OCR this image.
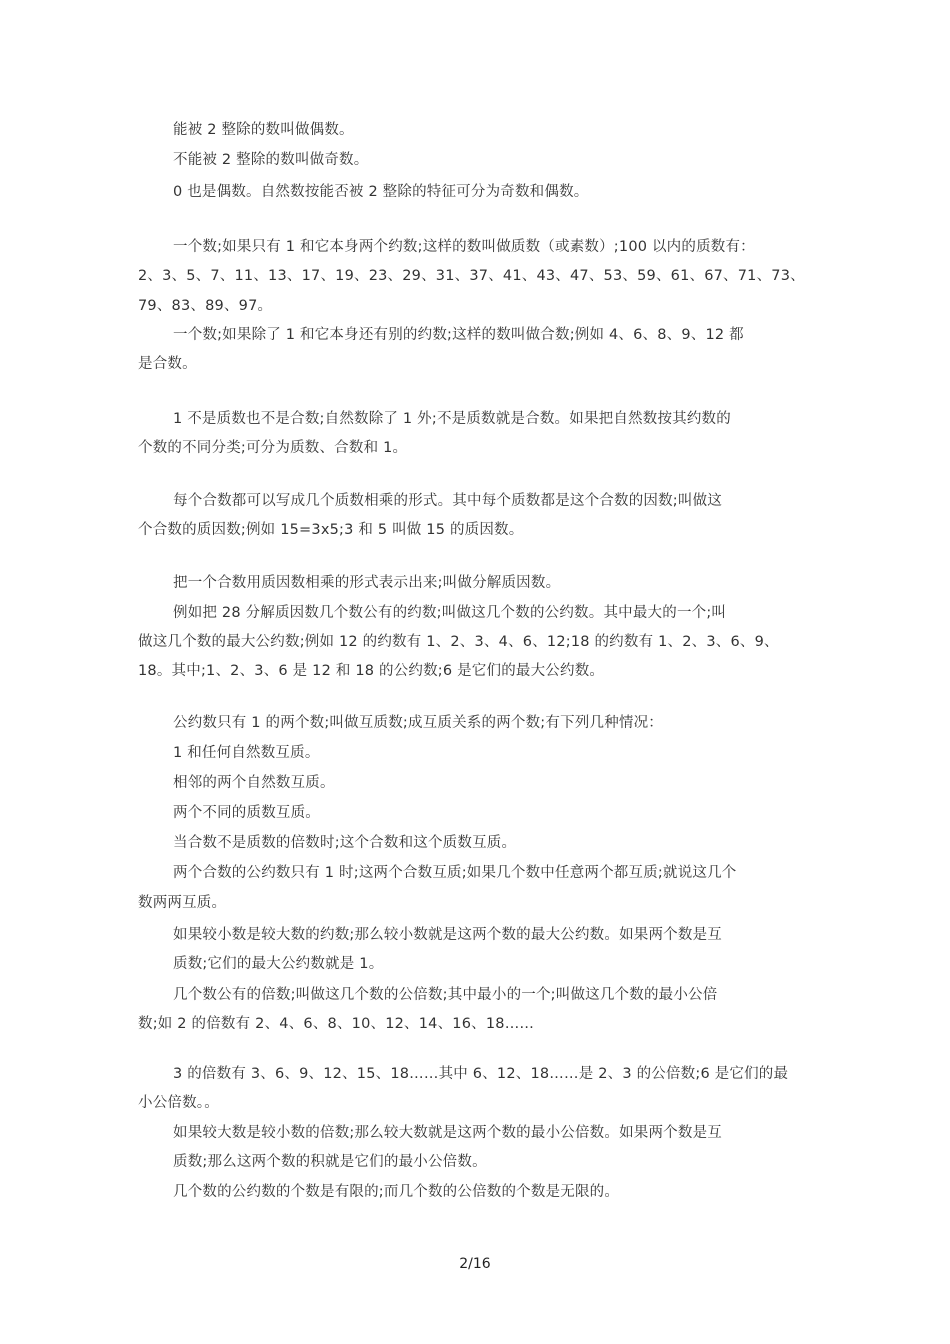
能被 2 整除的数叫做偶数。
不能被 2 整除的数叫做奇数。
0 也是偶数。自然数按能否被 2 整除的特征可分为奇数和偶数。
一个数;如果只有 1 和它本身两个约数;这样的数叫做质数（或素数）;100 以内的质数有：
2、3、5、7、11、13、17、19、23、29、31、37、41、43、47、53、59、61、67、71、73、
79、83、89、97。
一个数;如果除了 1 和它本身还有别的约数;这样的数叫做合数;例如 4、6、8、9、12 都
是合数。
1 不是质数也不是合数;自然数除了 1 外;不是质数就是合数。如果把自然数按其约数的
个数的不同分类;可分为质数、合数和 1。
每个合数都可以写成几个质数相乘的形式。其中每个质数都是这个合数的因数;叫做这
个合数的质因数;例如 15=3x5;3 和 5 叫做 15 的质因数。
把一个合数用质因数相乘的形式表示出来;叫做分解质因数。
例如把 28 分解质因数几个数公有的约数;叫做这几个数的公约数。其中最大的一个;叫
做这几个数的最大公约数;例如 12 的约数有 1、2、3、4、6、12;18 的约数有 1、2、3、6、9、
18。其中;1、2、3、6 是 12 和 18 的公约数;6 是它们的最大公约数。
公约数只有 1 的两个数;叫做互质数;成互质关系的两个数;有下列几种情况：
1 和任何自然数互质。
相邻的两个自然数互质。
两个不同的质数互质。
当合数不是质数的倍数时;这个合数和这个质数互质。
两个合数的公约数只有 1 时;这两个合数互质;如果几个数中任意两个都互质;就说这几个
数两两互质。
如果较小数是较大数的约数;那么较小数就是这两个数的最大公约数。如果两个数是互
质数;它们的最大公约数就是 1。
几个数公有的倍数;叫做这几个数的公倍数;其中最小的一个;叫做这几个数的最小公倍
数;如 2 的倍数有 2、4、6、8、10、12、14、16、18……
3 的倍数有 3、6、9、12、15、18……其中 6、12、18……是 2、3 的公倍数;6 是它们的最
小公倍数。。
如果较大数是较小数的倍数;那么较大数就是这两个数的最小公倍数。如果两个数是互
质数;那么这两个数的积就是它们的最小公倍数。
几个数的公约数的个数是有限的;而几个数的公倍数的个数是无限的。
2/16
